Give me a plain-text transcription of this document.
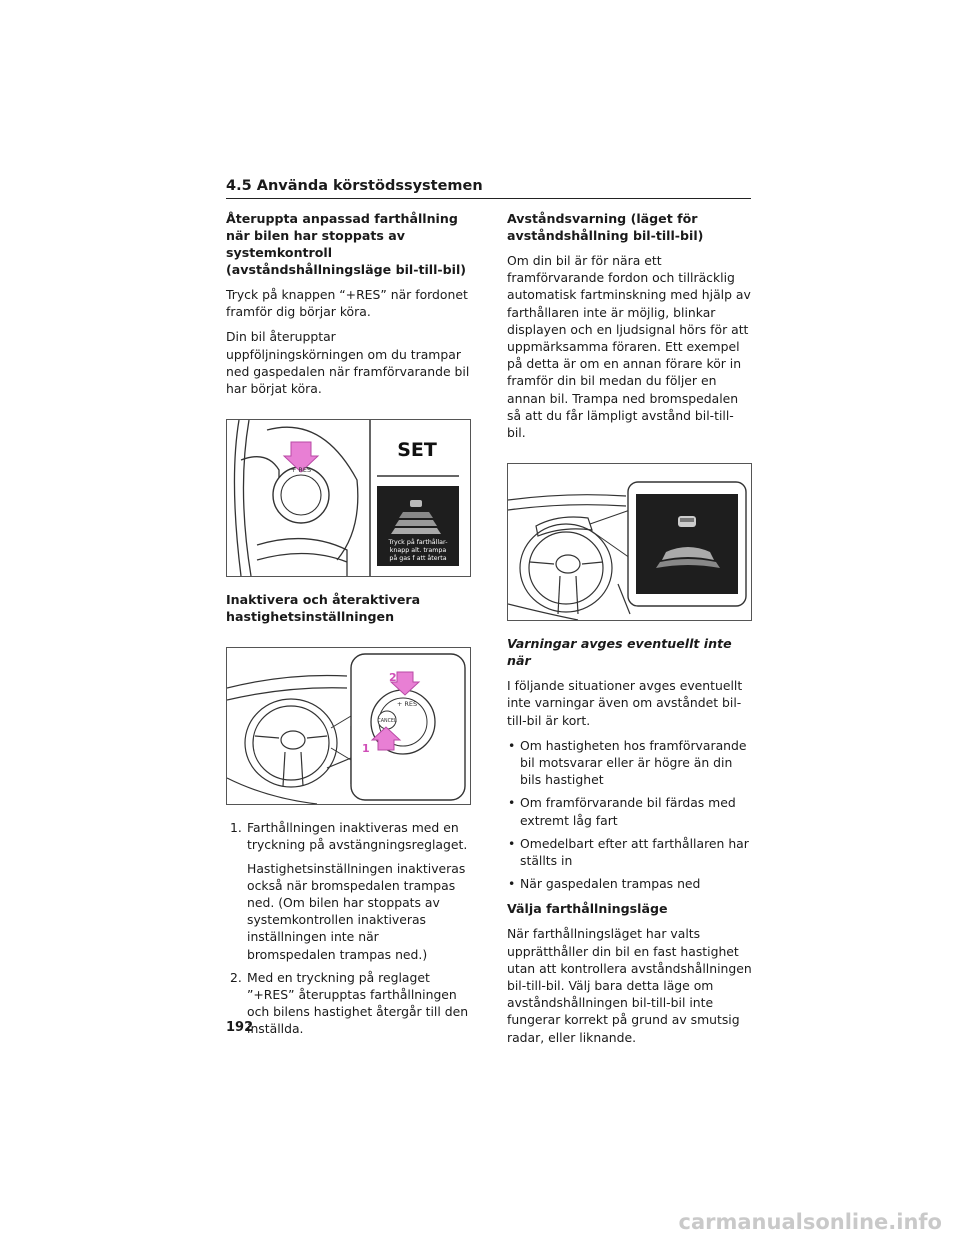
4.5 Använda körstödssystemen
Återuppta anpassad farthållning när bilen har stoppats av systemkontroll (avståndshållningsläge bil-till-bil)

Tryck på knappen “+RES” när fordonet framför dig börjar köra.

Din bil återupptar uppföljningskörningen om du trampar ned gaspedalen när framförvarande bil har börjat köra.

+ RES
SET
Tryck på farthållar-
knapp alt. trampa
på gas f att återta
Inaktivera och återaktivera hastighetsinställningen
+ RES
CANCEL
2
1
1. Farthållningen inaktiveras med en tryckning på avstängningsreglaget.

Hastighetsinställningen inaktiveras också när bromspedalen trampas ned. (Om bilen har stoppats av systemkontrollen inaktiveras inställningen inte när bromspedalen trampas ned.)

2. Med en tryckning på reglaget ”+RES” återupptas farthållningen och bilens hastighet återgår till den inställda.

Avståndsvarning (läget för avståndshållning bil-till-bil)

Om din bil är för nära ett framförvarande fordon och tillräcklig automatisk fartminskning med hjälp av farthållaren inte är möjlig, blinkar displayen och en ljudsignal hörs för att uppmärksamma föraren. Ett exempel på detta är om en annan förare kör in framför din bil medan du följer en annan bil. Trampa ned bromspedalen så att du får lämpligt avstånd bil-till-bil.

Varningar avges eventuellt inte när

I följande situationer avges eventuellt inte varningar även om avståndet bil-till-bil är kort.

• Om hastigheten hos framförvarande bil motsvarar eller är högre än din bils hastighet
• Om framförvarande bil färdas med extremt låg fart
• Omedelbart efter att farthållaren har ställts in
• När gaspedalen trampas ned
Välja farthållningsläge

När farthållningsläget har valts upprätthåller din bil en fast hastighet utan att kontrollera avståndshållningen bil-till-bil. Välj bara detta läge om avståndshållningen bil-till-bil inte fungerar korrekt på grund av smutsig radar, eller liknande.

192
carmanualsonline.info
